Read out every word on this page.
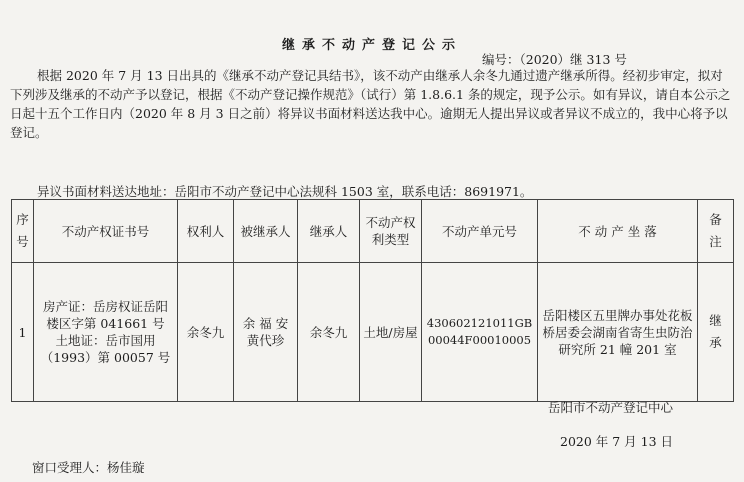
继承不动产登记公示
编号：（2020）继 313 号

根据 2020 年 7 月 13 日出具的《继承不动产登记具结书》，该不动产由继承人余冬九通过遗产继承所得。经初步审定，拟对下列涉及继承的不动产予以登记，根据《不动产登记操作规范》（试行）第 1.8.6.1 条的规定，现予公示。如有异议，请自本公示之日起十五个工作日内（2020 年 8 月 3 日之前）将异议书面材料送达我中心。逾期无人提出异议或者异议不成立的，我中心将予以登记。

异议书面材料送达地址：岳阳市不动产登记中心法规科 1503 室，联系电话：8691971。
序号	不动产权证书号	权利人	被继承人	继承人	不动产权利类型	不动产单元号	不 动 产 坐 落	备注
1	房产证：岳房权证岳阳楼区字第 041661 号
土地证：岳市国用（1993）第 00057 号	余冬九	余 福 安 黄代珍	余冬九	土地/房屋	430602121011GB00044F00010005	岳阳楼区五里牌办事处花板桥居委会湖南省寄生虫防治研究所 21 幢 201 室	继承
岳阳市不动产登记中心
2020 年 7 月 13 日
窗口受理人：杨佳璇
